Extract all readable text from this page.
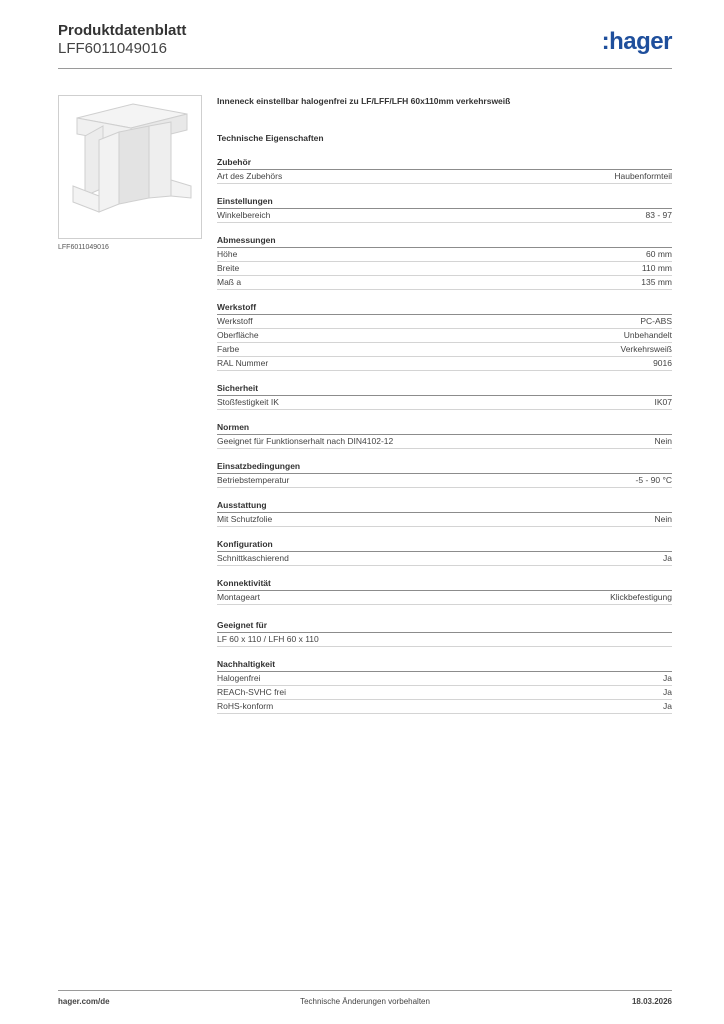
Produktdatenblatt
LFF6011049016	:hager
LFF6011049016
Inneneck einstellbar halogenfrei zu LF/LFF/LFH 60x110mm verkehrsweiß
Technische Eigenschaften
Zubehör
Art des Zubehörs	Haubenformteil
Einstellungen
Winkelbereich	83 - 97
Abmessungen
Höhe	60 mm
Breite	110 mm
Maß a	135 mm
Werkstoff
Werkstoff	PC-ABS
Oberfläche	Unbehandelt
Farbe	Verkehrsweiß
RAL Nummer	9016
Sicherheit
Stoßfestigkeit IK	IK07
Normen
Geeignet für Funktionserhalt nach DIN4102-12	Nein
Einsatzbedingungen
Betriebstemperatur	-5 - 90 °C
Ausstattung
Mit Schutzfolie	Nein
Konfiguration
Schnittkaschierend	Ja
Konnektivität
Montageart	Klickbefestigung
Geeignet für
LF 60 x 110 / LFH 60 x 110
Nachhaltigkeit
Halogenfrei	Ja
REACh-SVHC frei	Ja
RoHS-konform	Ja
hager.com/de	Technische Änderungen vorbehalten	18.03.2026
